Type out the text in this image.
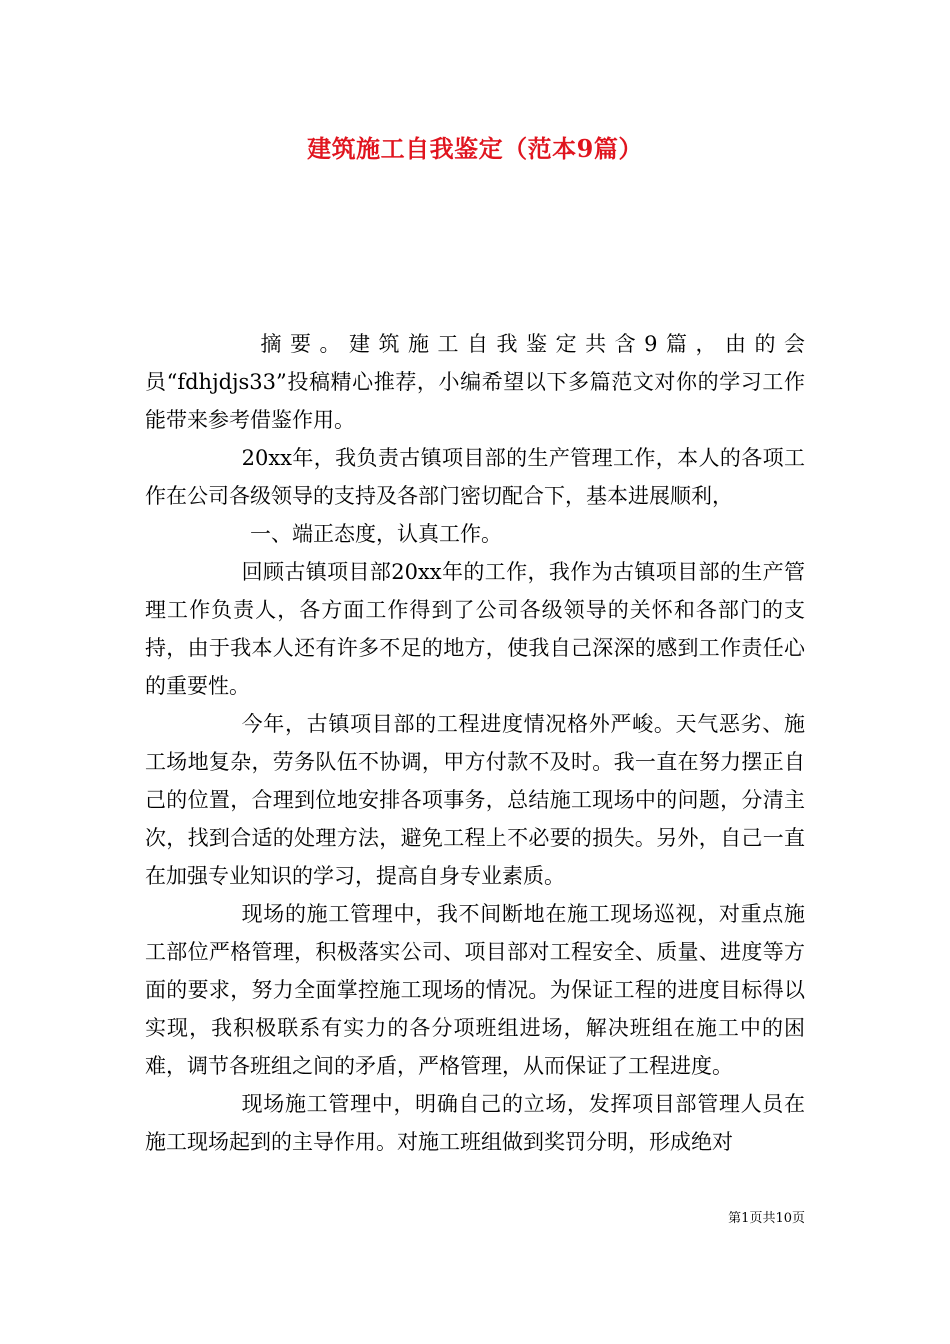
建筑施工自我鉴定（范本9篇）

摘要。建筑施工自我鉴定共含9篇，由的会员“fdhjdjs33”投稿精心推荐，小编希望以下多篇范文对你的学习工作能带来参考借鉴作用。

20xx年，我负责古镇项目部的生产管理工作，本人的各项工作在公司各级领导的支持及各部门密切配合下，基本进展顺利，

一、端正态度，认真工作。

回顾古镇项目部20xx年的工作，我作为古镇项目部的生产管理工作负责人，各方面工作得到了公司各级领导的关怀和各部门的支持，由于我本人还有许多不足的地方，使我自己深深的感到工作责任心的重要性。

今年，古镇项目部的工程进度情况格外严峻。天气恶劣、施工场地复杂，劳务队伍不协调，甲方付款不及时。我一直在努力摆正自己的位置，合理到位地安排各项事务，总结施工现场中的问题，分清主次，找到合适的处理方法，避免工程上不必要的损失。另外，自己一直在加强专业知识的学习，提高自身专业素质。

现场的施工管理中，我不间断地在施工现场巡视，对重点施工部位严格管理，积极落实公司、项目部对工程安全、质量、进度等方面的要求，努力全面掌控施工现场的情况。为保证工程的进度目标得以实现，我积极联系有实力的各分项班组进场，解决班组在施工中的困难，调节各班组之间的矛盾，严格管理，从而保证了工程进度。

现场施工管理中，明确自己的立场，发挥项目部管理人员在施工现场起到的主导作用。对施工班组做到奖罚分明，形成绝对

第1页共10页
